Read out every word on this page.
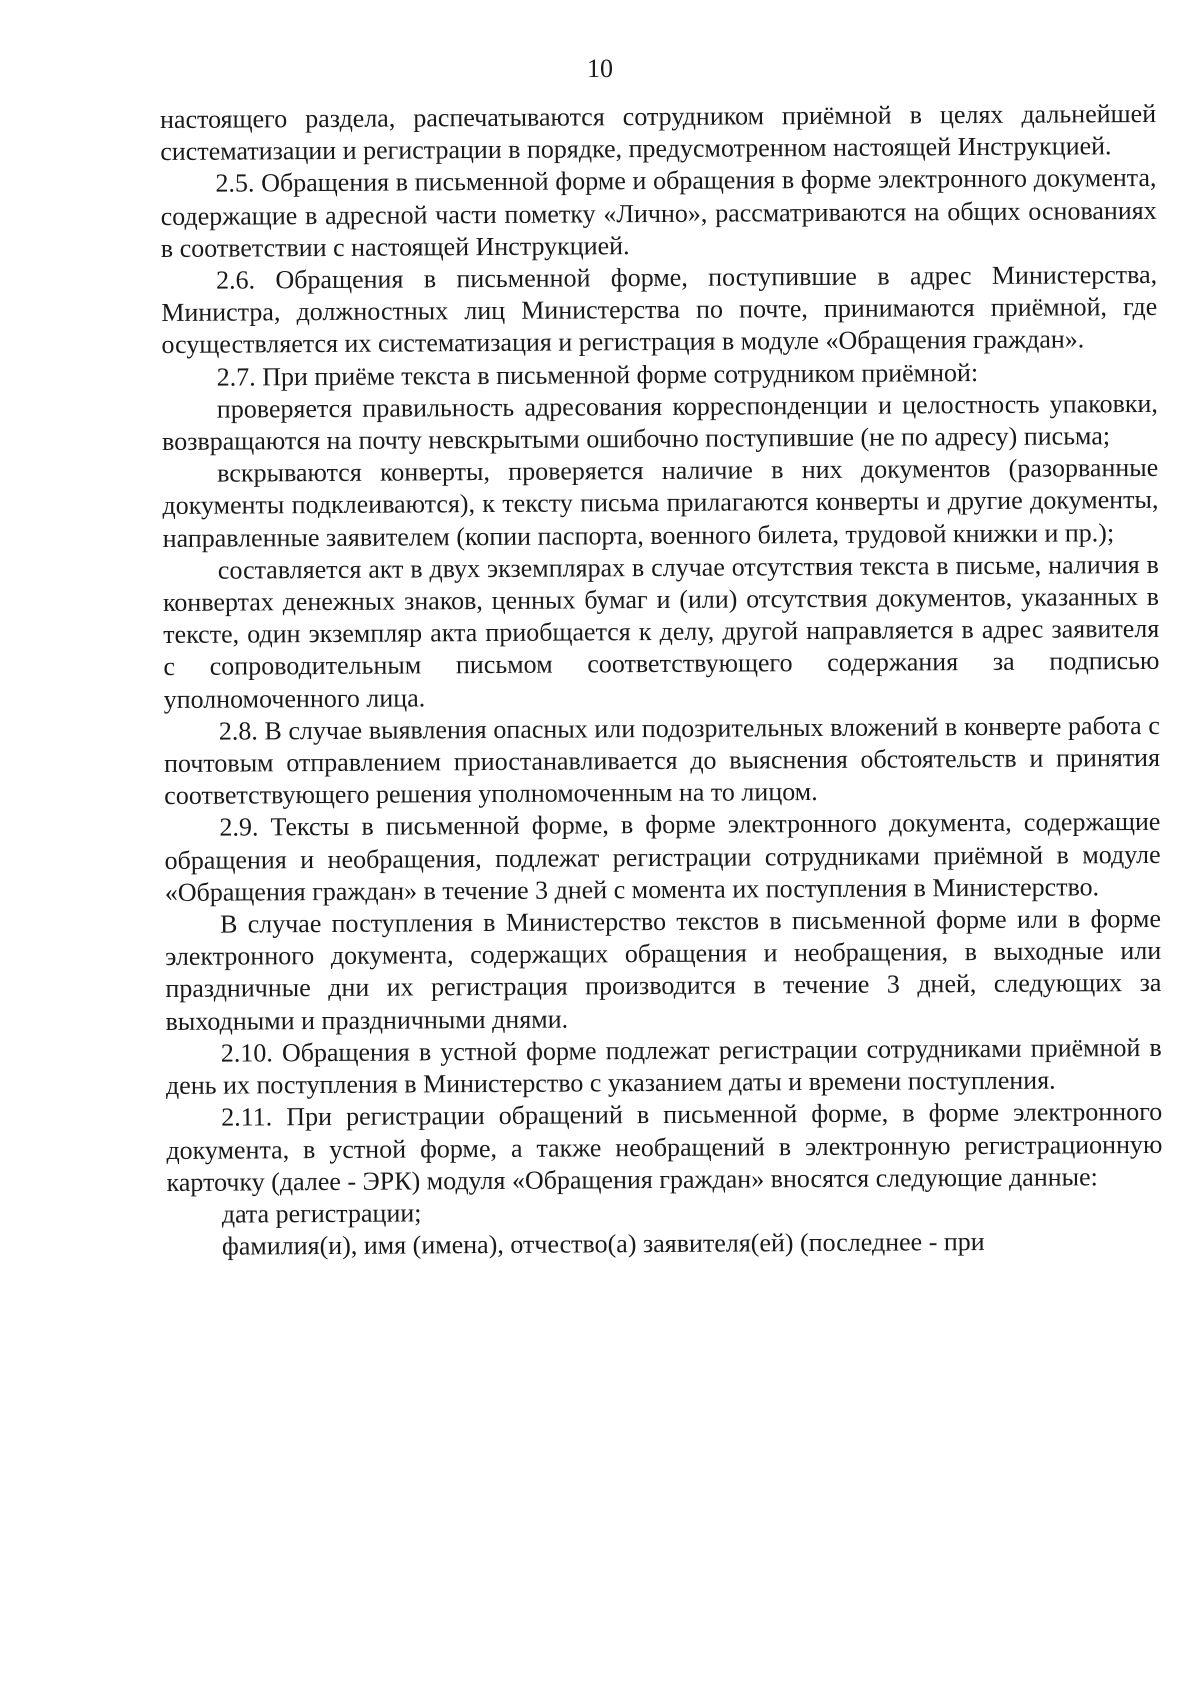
10

настоящего раздела, распечатываются сотрудником приёмной в целях дальнейшей систематизации и регистрации в порядке, предусмотренном настоящей Инструкцией.

2.5. Обращения в письменной форме и обращения в форме электронного документа, содержащие в адресной части пометку «Лично», рассматриваются на общих основаниях в соответствии с настоящей Инструкцией.

2.6. Обращения в письменной форме, поступившие в адрес Министерства, Министра, должностных лиц Министерства по почте, принимаются приёмной, где осуществляется их систематизация и регистрация в модуле «Обращения граждан».

2.7. При приёме текста в письменной форме сотрудником приёмной:

проверяется правильность адресования корреспонденции и целостность упаковки, возвращаются на почту невскрытыми ошибочно поступившие (не по адресу) письма;

вскрываются конверты, проверяется наличие в них документов (разорванные документы подклеиваются), к тексту письма прилагаются конверты и другие документы, направленные заявителем (копии паспорта, военного билета, трудовой книжки и пр.);

составляется акт в двух экземплярах в случае отсутствия текста в письме, наличия в конвертах денежных знаков, ценных бумаг и (или) отсутствия документов, указанных в тексте, один экземпляр акта приобщается к делу, другой направляется в адрес заявителя с сопроводительным письмом соответствующего содержания за подписью уполномоченного лица.

2.8. В случае выявления опасных или подозрительных вложений в конверте работа с почтовым отправлением приостанавливается до выяснения обстоятельств и принятия соответствующего решения уполномоченным на то лицом.

2.9. Тексты в письменной форме, в форме электронного документа, содержащие обращения и необращения, подлежат регистрации сотрудниками приёмной в модуле «Обращения граждан» в течение 3 дней с момента их поступления в Министерство.

В случае поступления в Министерство текстов в письменной форме или в форме электронного документа, содержащих обращения и необращения, в выходные или праздничные дни их регистрация производится в течение 3 дней, следующих за выходными и праздничными днями.

2.10. Обращения в устной форме подлежат регистрации сотрудниками приёмной в день их поступления в Министерство с указанием даты и времени поступления.

2.11. При регистрации обращений в письменной форме, в форме электронного документа, в устной форме, а также необращений в электронную регистрационную карточку (далее - ЭРК) модуля «Обращения граждан» вносятся следующие данные:

дата регистрации;

фамилия(и), имя (имена), отчество(а) заявителя(ей) (последнее - при
